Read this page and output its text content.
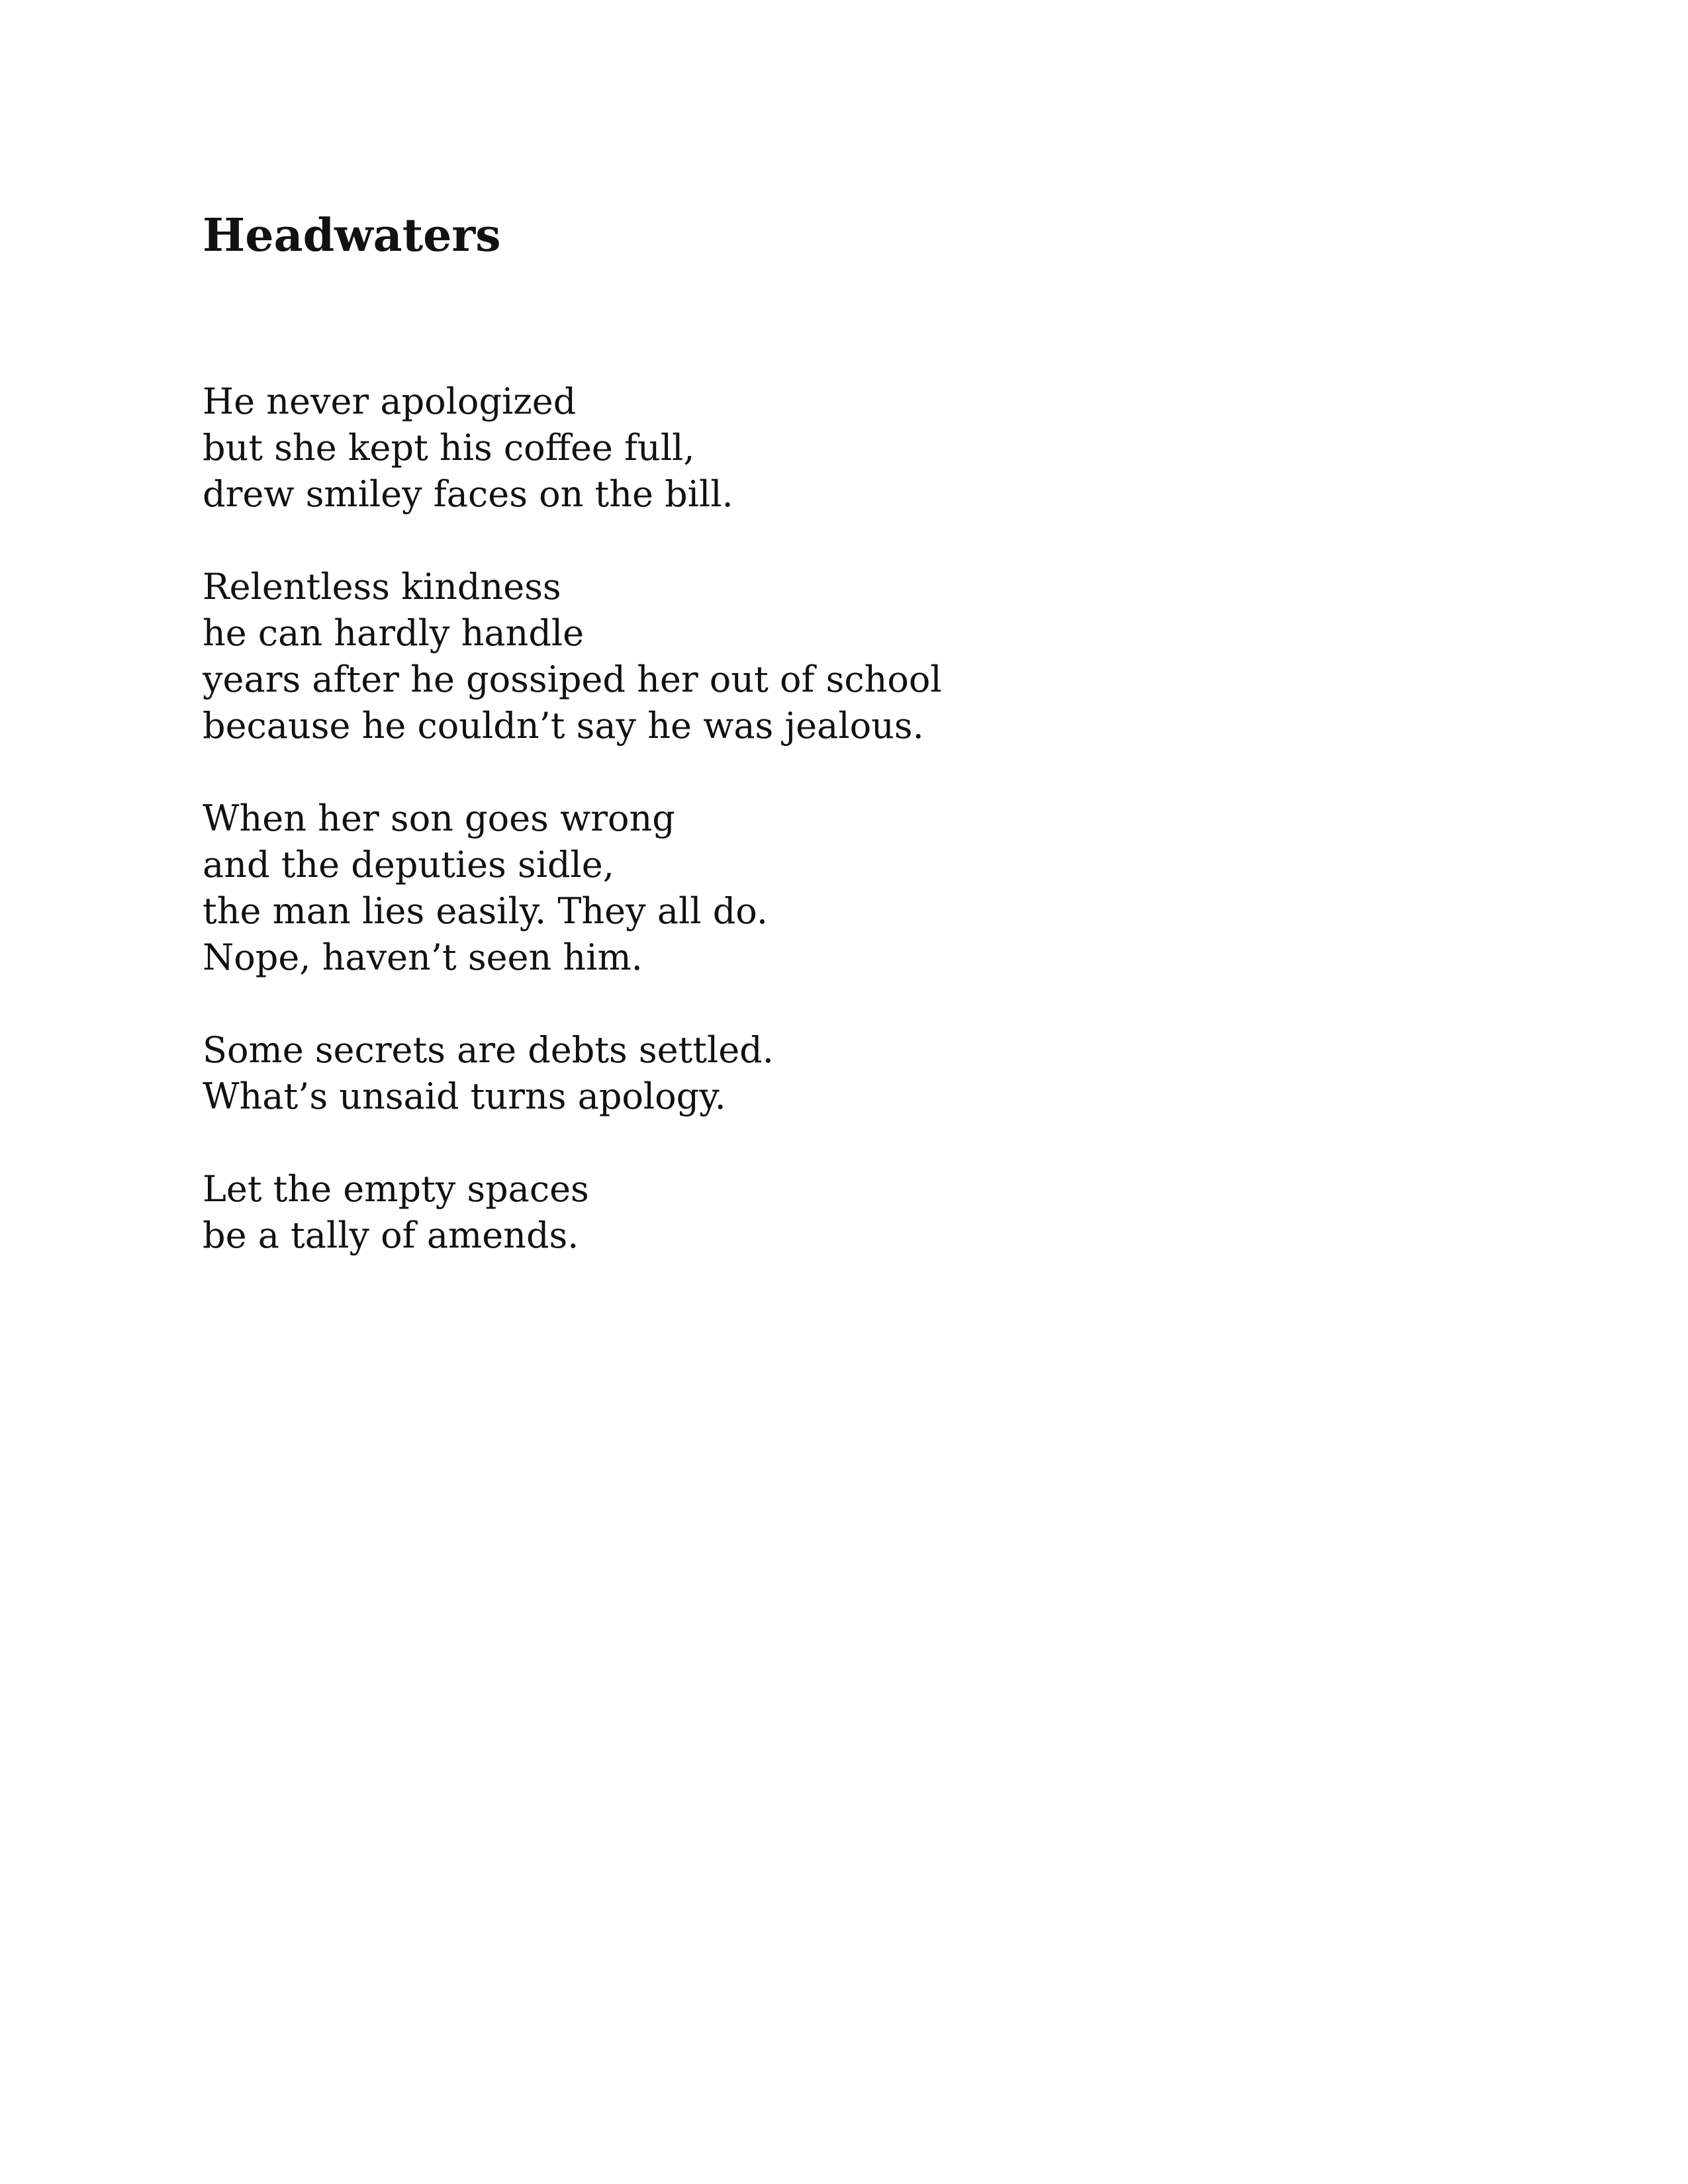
Headwaters
He never apologized
but she kept his coffee full,
drew smiley faces on the bill.
Relentless kindness
he can hardly handle
years after he gossiped her out of school
because he couldn’t say he was jealous.
When her son goes wrong
and the deputies sidle,
the man lies easily. They all do.
Nope, haven’t seen him.
Some secrets are debts settled.
What’s unsaid turns apology.
Let the empty spaces
be a tally of amends.
